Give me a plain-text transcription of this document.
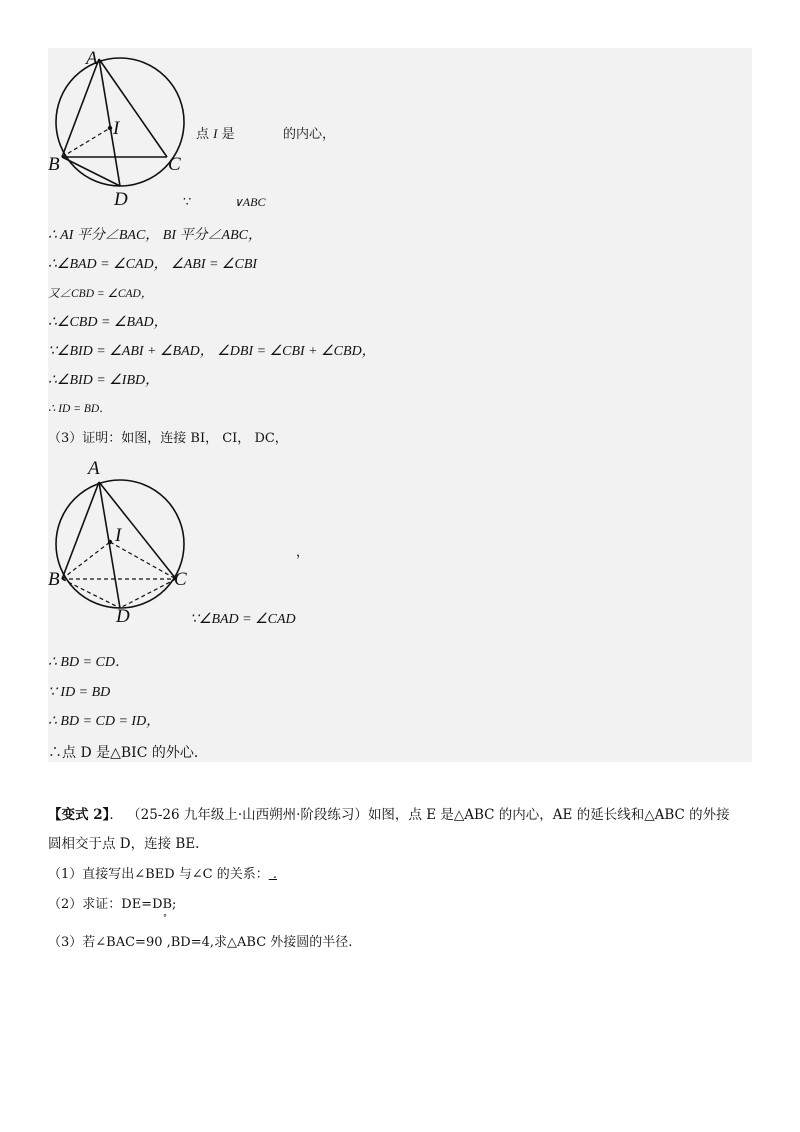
A
B	C
D
I	点 I 是	的内心，
∵	∨ABC
∴ AI 平分∠BAC， BI 平分∠ABC，
∴∠BAD = ∠CAD， ∠ABI = ∠CBI
又∠CBD = ∠CAD，
∴∠CBD = ∠BAD，
∵∠BID = ∠ABI + ∠BAD， ∠DBI = ∠CBI + ∠CBD，
∴∠BID = ∠IBD，
∴ ID = BD．
（3）证明：如图，连接 BI， CI， DC，
A
B	C
D
I
，
∵∠BAD = ∠CAD
∴ BD = CD．
∵ ID = BD
∴ BD = CD = ID，
∴点 D 是△BIC 的外心．
【变式 2】． （25-26 九年级上·山西朔州·阶段练习）如图，点 E 是△ABC 的内心，AE 的延长线和△ABC 的外接
圆相交于点 D，连接 BE.
（1）直接写出∠BED 与∠C 的关系： .
（2）求证：DE=DB;
°
（3）若∠BAC=90 ,BD=4,求△ABC 外接圆的半径.
